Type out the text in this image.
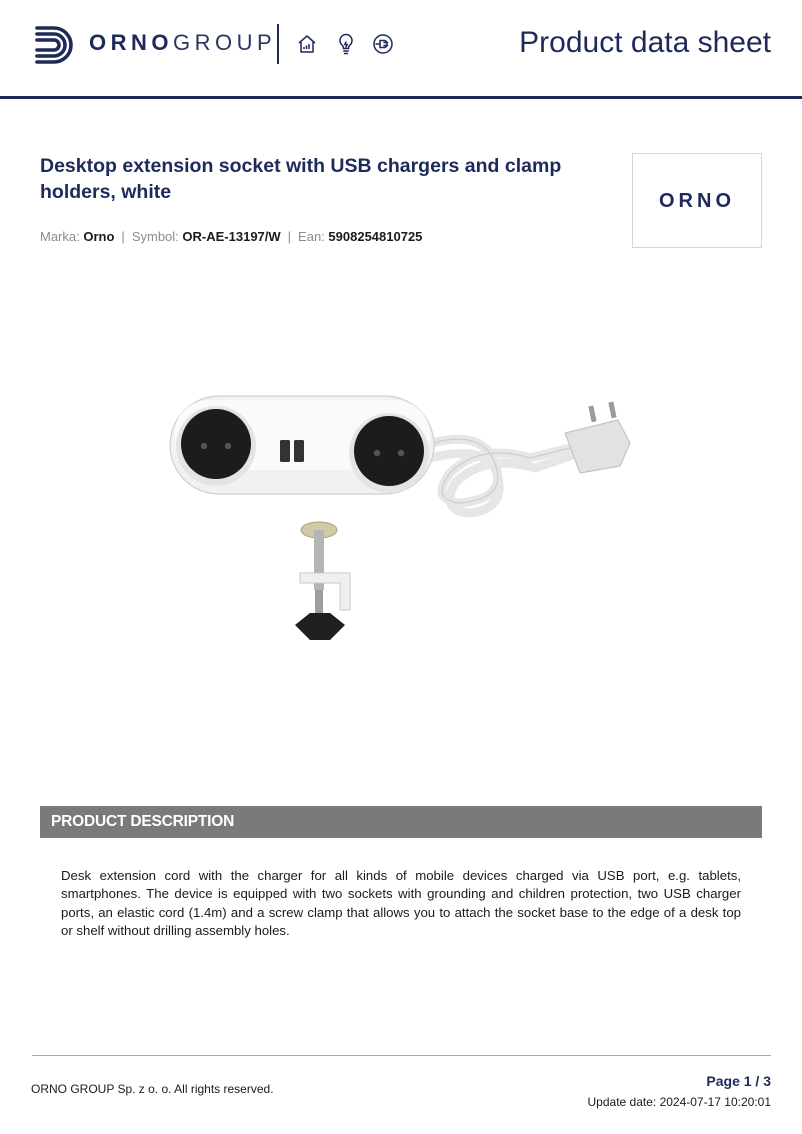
ORNOGROUP	Product data sheet
Desktop extension socket with USB chargers and clamp holders, white
Marka: Orno | Symbol: OR-AE-13197/W | Ean: 5908254810725
ORNO
PRODUCT DESCRIPTION
Desk extension cord with the charger for all kinds of mobile devices charged via USB port, e.g. tablets, smartphones. The device is equipped with two sockets with grounding and children protection, two USB charger ports, an elastic cord (1.4m) and a screw clamp that allows you to attach the socket base to the edge of a desk top or shelf without drilling assembly holes.
ORNO GROUP Sp. z o. o. All rights reserved.	Page 1 / 3
Update date: 2024-07-17 10:20:01
